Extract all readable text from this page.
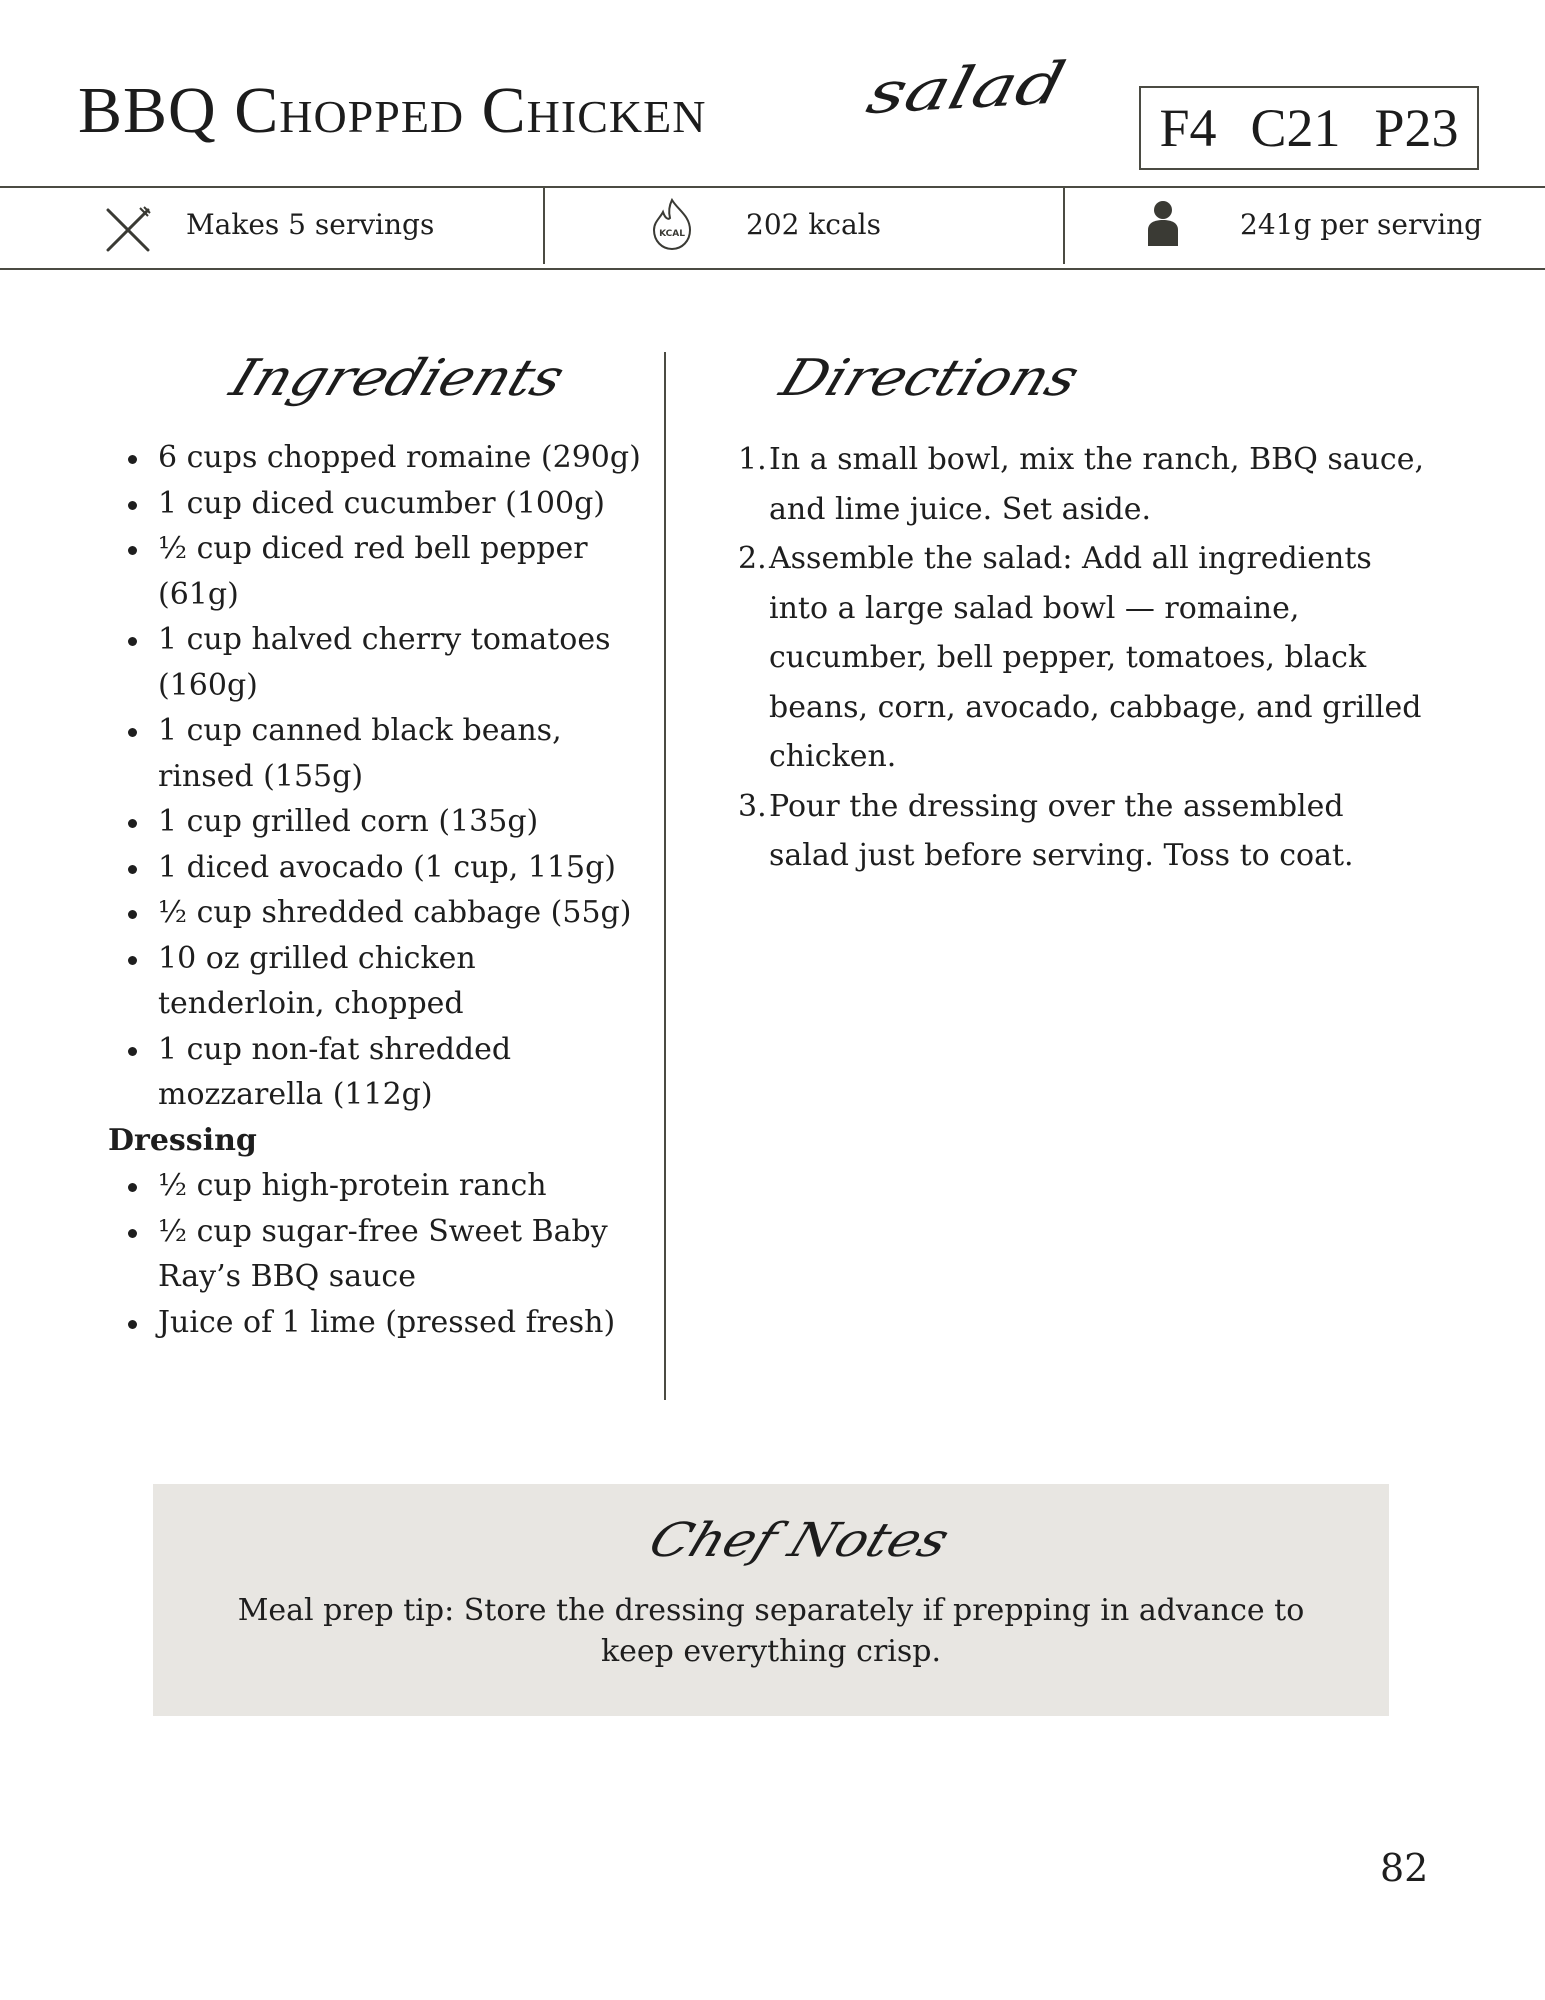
BBQ Chopped Chicken salad
F4 C21 P23
Makes 5 servings	KCAL 202 kcals	241g per serving
Ingredients	Directions
6 cups chopped romaine (290g)
1 cup diced cucumber (100g)
½ cup diced red bell pepper (61g)
1 cup halved cherry tomatoes (160g)
1 cup canned black beans, rinsed (155g)
1 cup grilled corn (135g)
1 diced avocado (1 cup, 115g)
½ cup shredded cabbage (55g)
10 oz grilled chicken tenderloin, chopped
1 cup non-fat shredded mozzarella (112g)
Dressing
½ cup high-protein ranch
½ cup sugar-free Sweet Baby Ray’s BBQ sauce
Juice of 1 lime (pressed fresh)
1. In a small bowl, mix the ranch, BBQ sauce, and lime juice. Set aside.
2. Assemble the salad: Add all ingredients into a large salad bowl — romaine, cucumber, bell pepper, tomatoes, black beans, corn, avocado, cabbage, and grilled chicken.
3. Pour the dressing over the assembled salad just before serving. Toss to coat.
Chef Notes
Meal prep tip: Store the dressing separately if prepping in advance to keep everything crisp.
82
